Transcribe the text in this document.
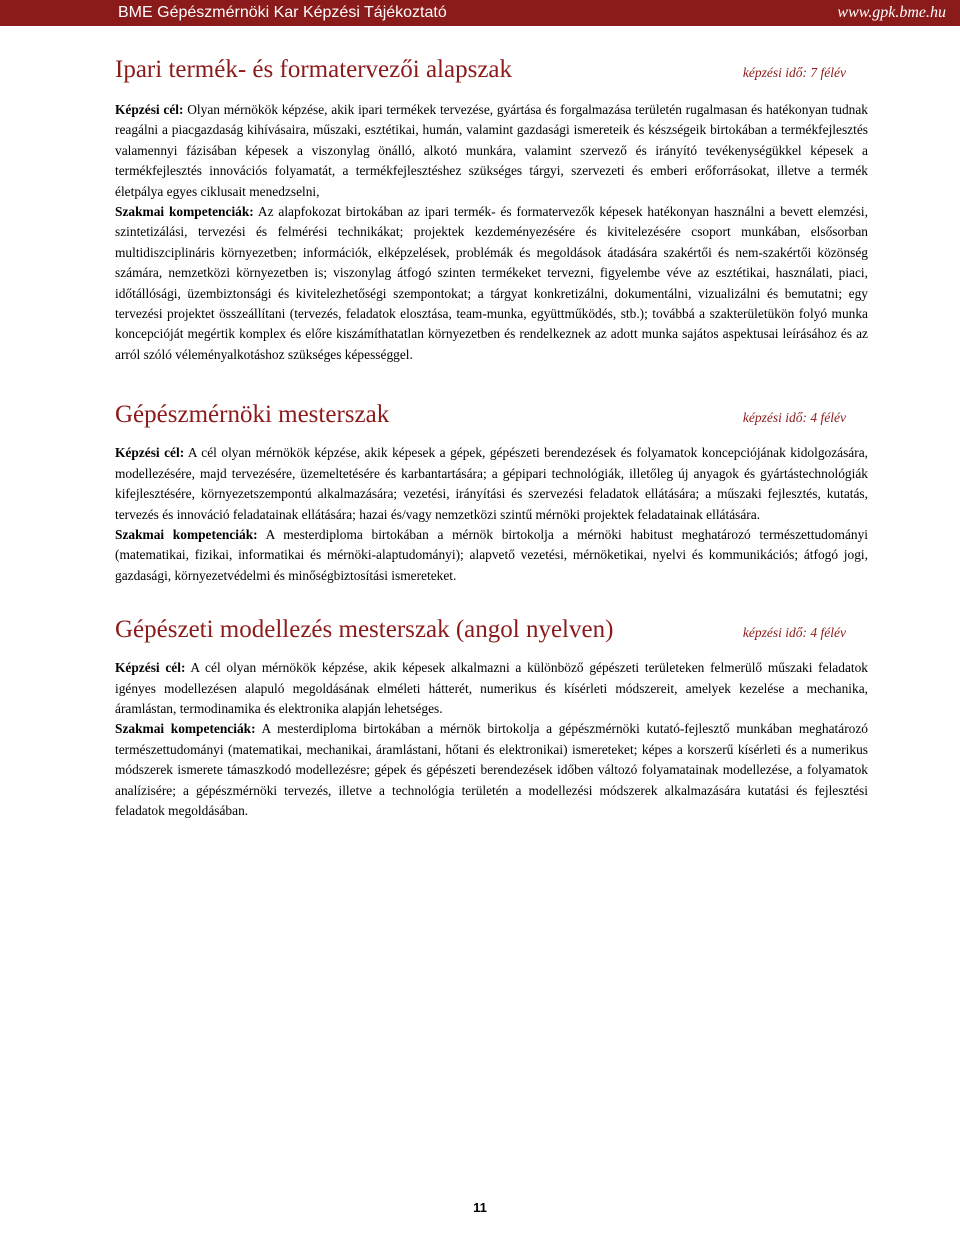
BME Gépészmérnöki Kar Képzési Tájékoztató	www.gpk.bme.hu
Ipari termék- és formatervezői alapszak	képzési idő: 7 félév

Képzési cél: Olyan mérnökök képzése, akik ipari termékek tervezése, gyártása és forgalmazása területén rugalmasan és hatékonyan tudnak reagálni a piacgazdaság kihívásaira, műszaki, esztétikai, humán, valamint gazdasági ismereteik és készségeik birtokában a termékfejlesztés valamennyi fázisában képesek a viszonylag önálló, alkotó munkára, valamint szervező és irányító tevékenységükkel képesek a termékfejlesztés innovációs folyamatát, a termékfejlesztéshez szükséges tárgyi, szervezeti és emberi erőforrásokat, illetve a termék életpálya egyes ciklusait menedzselni,

Szakmai kompetenciák: Az alapfokozat birtokában az ipari termék- és formatervezők képesek hatékonyan használni a bevett elemzési, szintetizálási, tervezési és felmérési technikákat; projektek kezdeményezésére és kivitelezésére csoport munkában, elsősorban multidiszciplináris környezetben; információk, elképzelések, problémák és megoldások átadására szakértői és nem-szakértői közönség számára, nemzetközi környezetben is; viszonylag átfogó szinten termékeket tervezni, figyelembe véve az esztétikai, használati, piaci, időtállósági, üzembiztonsági és kivitelezhetőségi szempontokat; a tárgyat konkretizálni, dokumentálni, vizualizálni és bemutatni; egy tervezési projektet összeállítani (tervezés, feladatok elosztása, team-munka, együttműködés, stb.); továbbá a szakterületükön folyó munka koncepcióját megértik komplex és előre kiszámíthatatlan környezetben és rendelkeznek az adott munka sajátos aspektusai leírásához és az arról szóló véleményalkotáshoz szükséges képességgel.

Gépészmérnöki mesterszak	képzési idő: 4 félév

Képzési cél: A cél olyan mérnökök képzése, akik képesek a gépek, gépészeti berendezések és folyamatok koncepciójának kidolgozására, modellezésére, majd tervezésére, üzemeltetésére és karbantartására; a gépipari technológiák, illetőleg új anyagok és gyártástechnológiák kifejlesztésére, környezetszempontú alkalmazására; vezetési, irányítási és szervezési feladatok ellátására; a műszaki fejlesztés, kutatás, tervezés és innováció feladatainak ellátására; hazai és/vagy nemzetközi szintű mérnöki projektek feladatainak ellátására.

Szakmai kompetenciák: A mesterdiploma birtokában a mérnök birtokolja a mérnöki habitust meghatározó természettudományi (matematikai, fizikai, informatikai és mérnöki-alaptudományi); alapvető vezetési, mérnöketikai, nyelvi és kommunikációs; átfogó jogi, gazdasági, környezetvédelmi és minőségbiztosítási ismereteket.

Gépészeti modellezés mesterszak (angol nyelven)	képzési idő: 4 félév

Képzési cél: A cél olyan mérnökök képzése, akik képesek alkalmazni a különböző gépészeti területeken felmerülő műszaki feladatok igényes modellezésen alapuló megoldásának elméleti hátterét, numerikus és kísérleti módszereit, amelyek kezelése a mechanika, áramlástan, termodinamika és elektronika alapján lehetséges.

Szakmai kompetenciák: A mesterdiploma birtokában a mérnök birtokolja a gépészmérnöki kutató-fejlesztő munkában meghatározó természettudományi (matematikai, mechanikai, áramlástani, hőtani és elektronikai) ismereteket; képes a korszerű kísérleti és a numerikus módszerek ismerete támaszkodó modellezésre; gépek és gépészeti berendezések időben változó folyamatainak modellezése, a folyamatok analízisére; a gépészmérnöki tervezés, illetve a technológia területén a modellezési módszerek alkalmazására kutatási és fejlesztési feladatok megoldásában.

11
